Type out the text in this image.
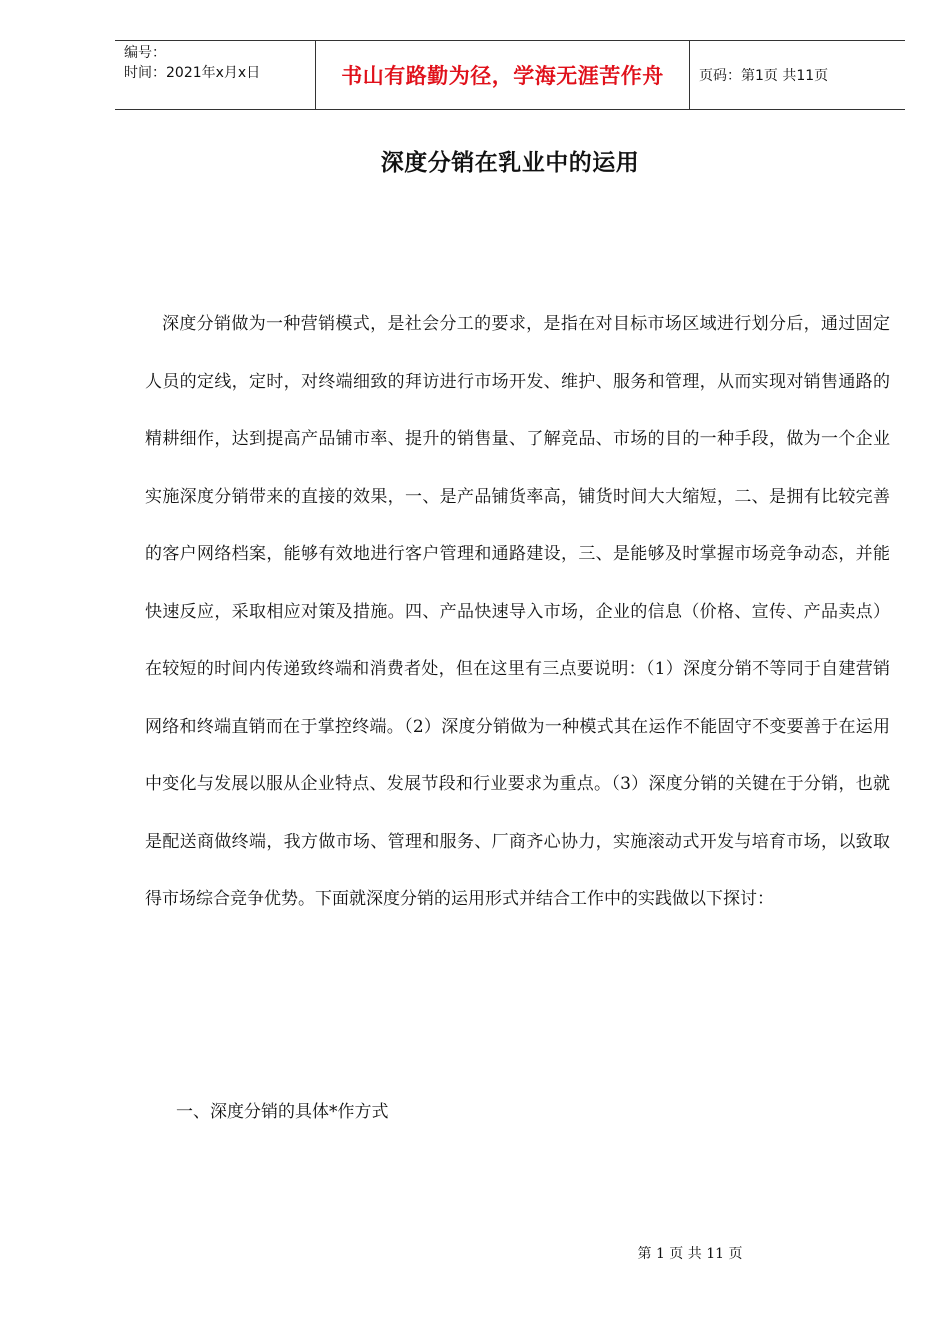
编号：
时间：2021年x月x日	书山有路勤为径，学海无涯苦作舟	页码：第1页 共11页
深度分销在乳业中的运用

深度分销做为一种营销模式，是社会分工的要求，是指在对目标市场区域进行划分后，通过固定人员的定线，定时，对终端细致的拜访进行市场开发、维护、服务和管理，从而实现对销售通路的精耕细作，达到提高产品铺市率、提升的销售量、了解竞品、市场的目的一种手段，做为一个企业实施深度分销带来的直接的效果，一、是产品铺货率高，铺货时间大大缩短，二、是拥有比较完善的客户网络档案，能够有效地进行客户管理和通路建设，三、是能够及时掌握市场竞争动态，并能快速反应，采取相应对策及措施。四、产品快速导入市场，企业的信息（价格、宣传、产品卖点）在较短的时间内传递致终端和消费者处，但在这里有三点要说明：（1）深度分销不等同于自建营销网络和终端直销而在于掌控终端。（2）深度分销做为一种模式其在运作不能固守不变要善于在运用中变化与发展以服从企业特点、发展节段和行业要求为重点。（3）深度分销的关键在于分销，也就是配送商做终端，我方做市场、管理和服务、厂商齐心协力，实施滚动式开发与培育市场，以致取得市场综合竞争优势。下面就深度分销的运用形式并结合工作中的实践做以下探讨：

一、深度分销的具体*作方式
第 1 页 共 11 页
